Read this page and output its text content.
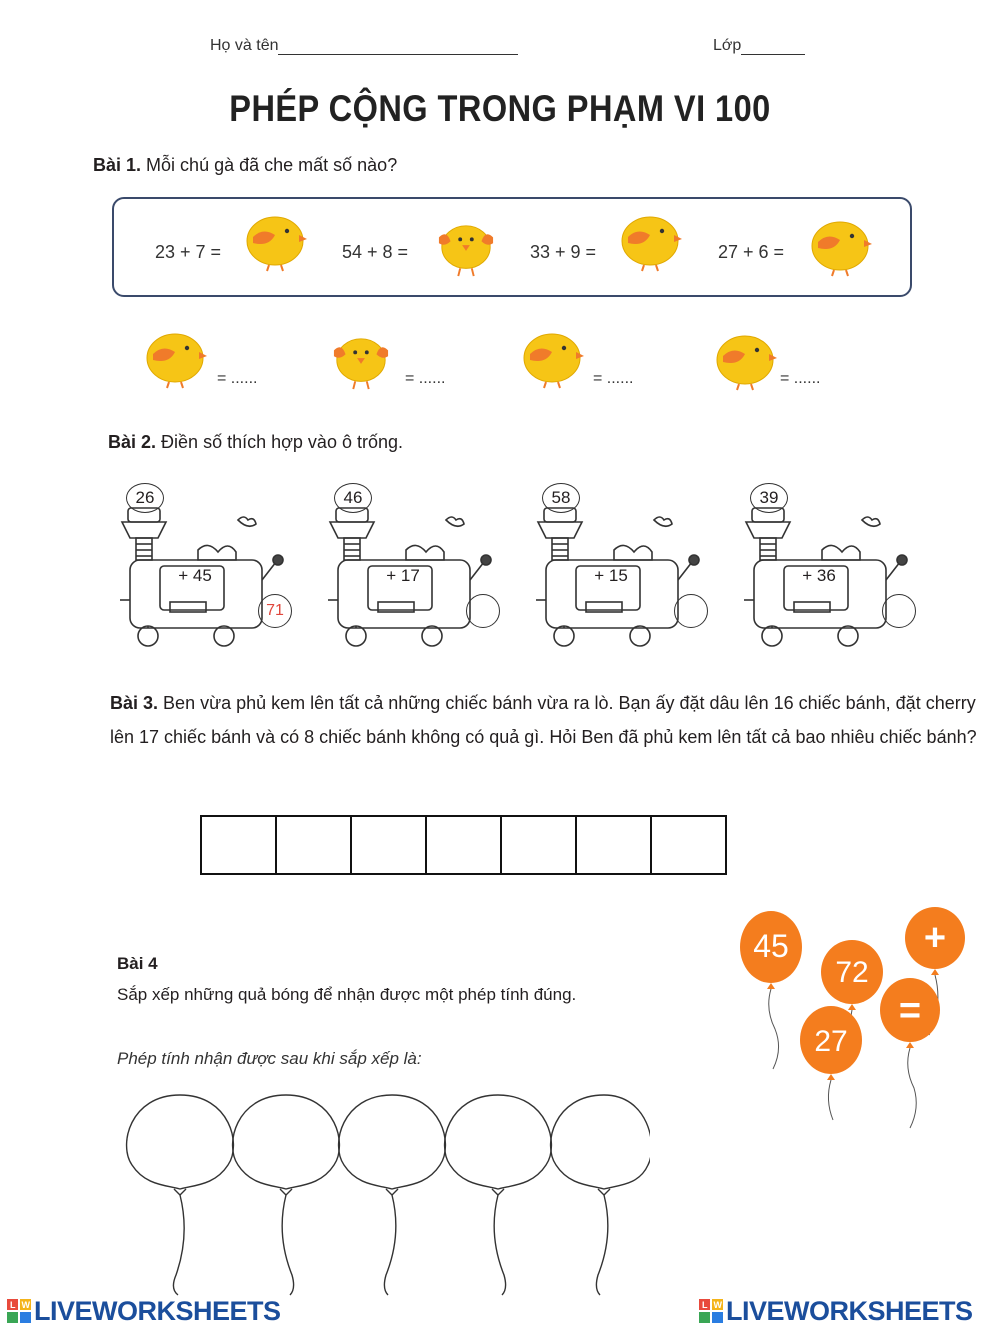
Họ và tên	Lớp
PHÉP CỘNG TRONG PHẠM VI 100
Bài 1. Mỗi chú gà đã che mất số nào?
23 + 7 =	54 + 8 =	33 + 9 =	27 + 6 =
= ......	= ......	= ......	= ......
Bài 2. Điền số thích hợp vào ô trống.
26
+ 45
71
46
+ 17
58
+ 15
39
+ 36
Bài 3. Ben vừa phủ kem lên tất cả những chiếc bánh vừa ra lò. Bạn ấy đặt dâu lên 16 chiếc bánh, đặt cherry lên 17 chiếc bánh và có 8 chiếc bánh không có quả gì. Hỏi Ben đã phủ kem lên tất cả bao nhiêu chiếc bánh?
Bài 4
Sắp xếp những quả bóng để nhận được một phép tính đúng.
Phép tính nhận được sau khi sắp xếp là:
45
72
+
=
27
L W LIVEWORKSHEETS	L W LIVEWORKSHEETS
